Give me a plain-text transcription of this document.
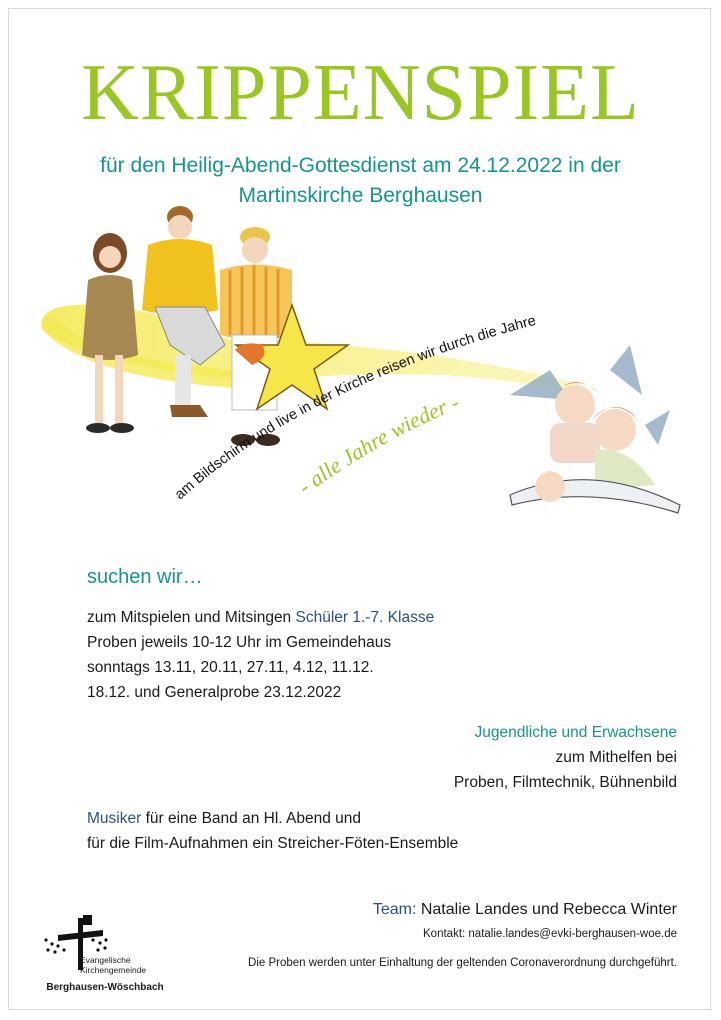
KRIPPENSPIEL
für den Heilig-Abend-Gottesdienst am 24.12.2022 in der
Martinskirche Berghausen
am Bildschirm und live in der Kirche reisen wir durch die Jahre
- alle Jahre wieder -
suchen wir…
zum Mitspielen und Mitsingen Schüler 1.-7. Klasse
Proben jeweils 10-12 Uhr im Gemeindehaus
sonntags 13.11, 20.11, 27.11, 4.12, 11.12.
18.12. und Generalprobe 23.12.2022
Jugendliche und Erwachsene
zum Mithelfen bei
Proben, Filmtechnik, Bühnenbild
Musiker für eine Band an Hl. Abend und
für die Film-Aufnahmen ein Streicher-Föten-Ensemble
Team: Natalie Landes und Rebecca Winter
Kontakt: natalie.landes@evki-berghausen-woe.de
Die Proben werden unter Einhaltung der geltenden Coronaverordnung durchgeführt.
Evangelische
Kirchengemeinde
Berghausen-Wöschbach
